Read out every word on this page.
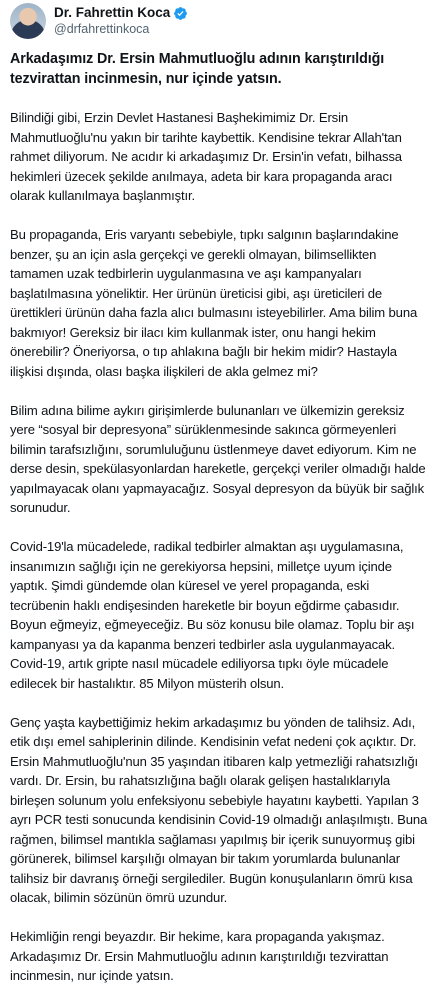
Dr. Fahrettin Koca
@drfahrettinkoca
Arkadaşımız Dr. Ersin Mahmutluoğlu adının karıştırıldığı tezvirattan incinmesin, nur içinde yatsın.

Bilindiği gibi, Erzin Devlet Hastanesi Başhekimimiz Dr. Ersin Mahmutluoğlu'nu yakın bir tarihte kaybettik. Kendisine tekrar Allah'tan rahmet diliyorum. Ne acıdır ki arkadaşımız Dr. Ersin'in vefatı, bilhassa hekimleri üzecek şekilde anılmaya, adeta bir kara propaganda aracı olarak kullanılmaya başlanmıştır.

Bu propaganda, Eris varyantı sebebiyle, tıpkı salgının başlarındakine benzer, şu an için asla gerçekçi ve gerekli olmayan, bilimsellikten tamamen uzak tedbirlerin uygulanmasına ve aşı kampanyaları başlatılmasına yöneliktir. Her ürünün üreticisi gibi, aşı üreticileri de ürettikleri ürünün daha fazla alıcı bulmasını isteyebilirler. Ama bilim buna bakmıyor! Gereksiz bir ilacı kim kullanmak ister, onu hangi hekim önerebilir? Öneriyorsa, o tıp ahlakına bağlı bir hekim midir? Hastayla ilişkisi dışında, olası başka ilişkileri de akla gelmez mi?

Bilim adına bilime aykırı girişimlerde bulunanları ve ülkemizin gereksiz yere “sosyal bir depresyona” sürüklenmesinde sakınca görmeyenleri bilimin tarafsızlığını, sorumluluğunu üstlenmeye davet ediyorum. Kim ne derse desin, spekülasyonlardan hareketle, gerçekçi veriler olmadığı halde yapılmayacak olanı yapmayacağız. Sosyal depresyon da büyük bir sağlık sorunudur.

Covid-19'la mücadelede, radikal tedbirler almaktan aşı uygulamasına, insanımızın sağlığı için ne gerekiyorsa hepsini, milletçe uyum içinde yaptık. Şimdi gündemde olan küresel ve yerel propaganda, eski tecrübenin haklı endişesinden hareketle bir boyun eğdirme çabasıdır. Boyun eğmeyiz, eğmeyeceğiz. Bu söz konusu bile olamaz. Toplu bir aşı kampanyası ya da kapanma benzeri tedbirler asla uygulanmayacak. Covid-19, artık gripte nasıl mücadele ediliyorsa tıpkı öyle mücadele edilecek bir hastalıktır. 85 Milyon müsterih olsun.

Genç yaşta kaybettiğimiz hekim arkadaşımız bu yönden de talihsiz. Adı, etik dışı emel sahiplerinin dilinde. Kendisinin vefat nedeni çok açıktır. Dr. Ersin Mahmutluoğlu'nun 35 yaşından itibaren kalp yetmezliği rahatsızlığı vardı. Dr. Ersin, bu rahatsızlığına bağlı olarak gelişen hastalıklarıyla birleşen solunum yolu enfeksiyonu sebebiyle hayatını kaybetti. Yapılan 3 ayrı PCR testi sonucunda kendisinin Covid-19 olmadığı anlaşılmıştı. Buna rağmen, bilimsel mantıkla sağlaması yapılmış bir içerik sunuyormuş gibi görünerek, bilimsel karşılığı olmayan bir takım yorumlarda bulunanlar talihsiz bir davranış örneği sergilediler. Bugün konuşulanların ömrü kısa olacak, bilimin sözünün ömrü uzundur.

Hekimliğin rengi beyazdır. Bir hekime, kara propaganda yakışmaz. Arkadaşımız Dr. Ersin Mahmutluoğlu adının karıştırıldığı tezvirattan incinmesin, nur içinde yatsın.
